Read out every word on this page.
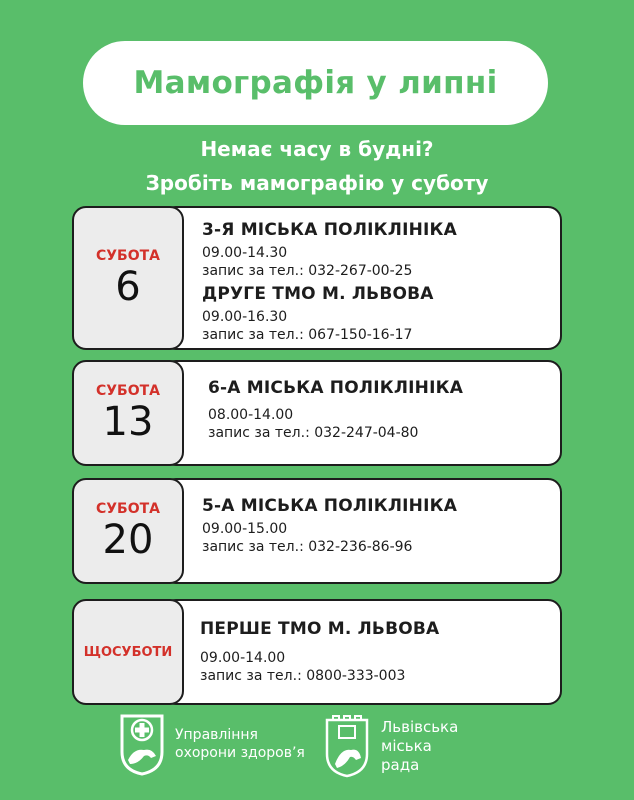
Мамографія у липні
Немає часу в будні?
Зробіть мамографію у суботу
3-Я МІСЬКА ПОЛІКЛІНІКА
09.00-14.30
запис за тел.: 032-267-00-25
ДРУГЕ ТМО М. ЛЬВОВА
09.00-16.30
запис за тел.: 067-150-16-17
СУБОТА
6
6-А МІСЬКА ПОЛІКЛІНІКА
08.00-14.00
запис за тел.: 032-247-04-80
СУБОТА
13
5-А МІСЬКА ПОЛІКЛІНІКА
09.00-15.00
запис за тел.: 032-236-86-96
СУБОТА
20
ПЕРШЕ ТМО М. ЛЬВОВА
09.00-14.00
запис за тел.: 0800-333-003
ЩОСУБОТИ
Управління
охорони здоров’я
Львівська
міська
рада
